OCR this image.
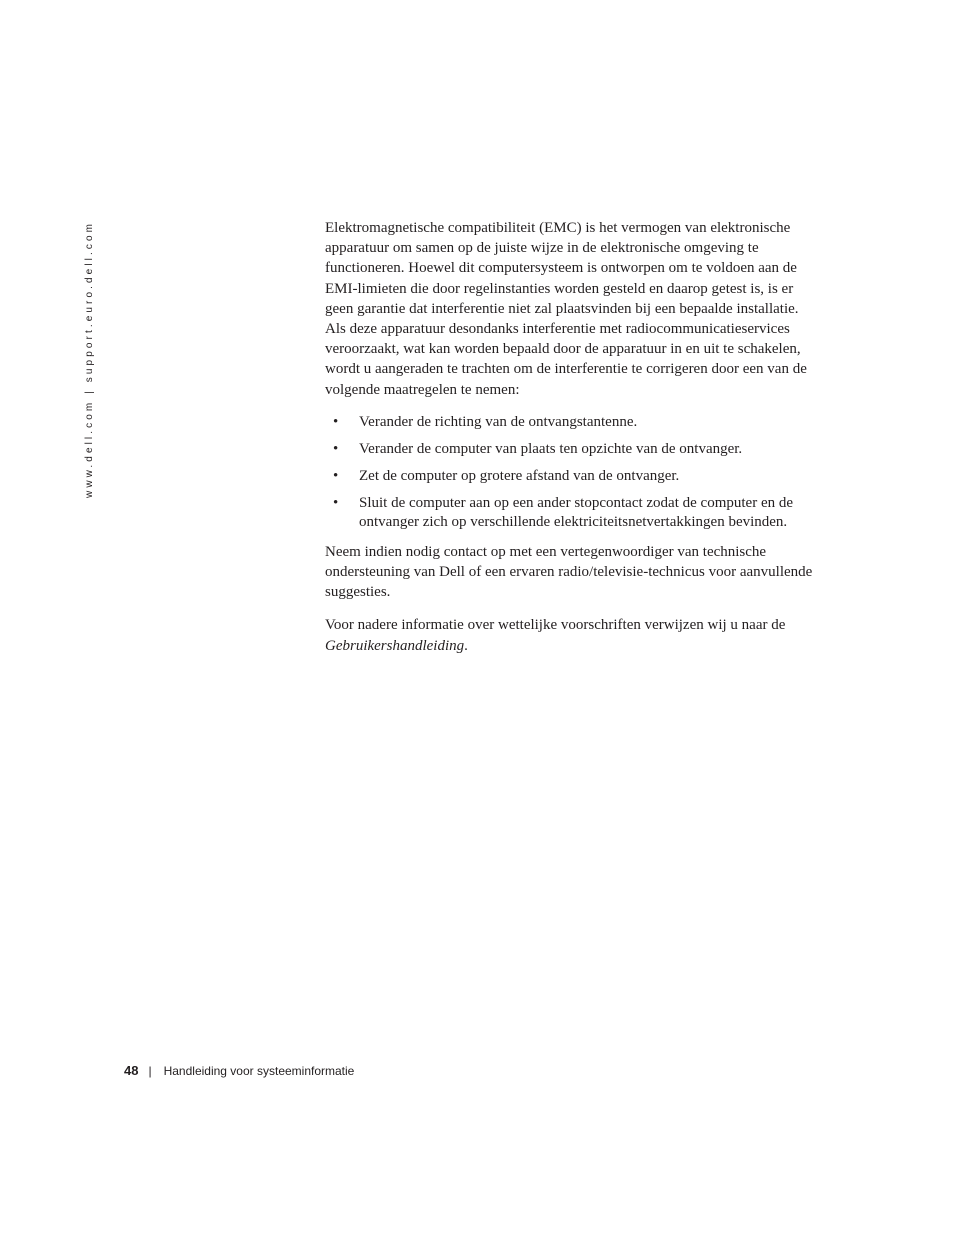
www.dell.com | support.euro.dell.com	Elektromagnetische compatibiliteit (EMC) is het vermogen van elektronische apparatuur om samen op de juiste wijze in de elektronische omgeving te functioneren. Hoewel dit computersysteem is ontworpen om te voldoen aan de EMI-limieten die door regelinstanties worden gesteld en daarop getest is, is er geen garantie dat interferentie niet zal plaatsvinden bij een bepaalde installatie. Als deze apparatuur desondanks interferentie met radiocommunicatieservices veroorzaakt, wat kan worden bepaald door de apparatuur in en uit te schakelen, wordt u aangeraden te trachten om de interferentie te corrigeren door een van de volgende maatregelen te nemen:

• Verander de richting van de ontvangstantenne.
• Verander de computer van plaats ten opzichte van de ontvanger.
• Zet de computer op grotere afstand van de ontvanger.
• Sluit de computer aan op een ander stopcontact zodat de computer en de ontvanger zich op verschillende elektriciteitsnetvertakkingen bevinden.

Neem indien nodig contact op met een vertegenwoordiger van technische ondersteuning van Dell of een ervaren radio/televisie-technicus voor aanvullende suggesties.

Voor nadere informatie over wettelijke voorschriften verwijzen wij u naar de Gebruikershandleiding.

48 | Handleiding voor systeeminformatie
